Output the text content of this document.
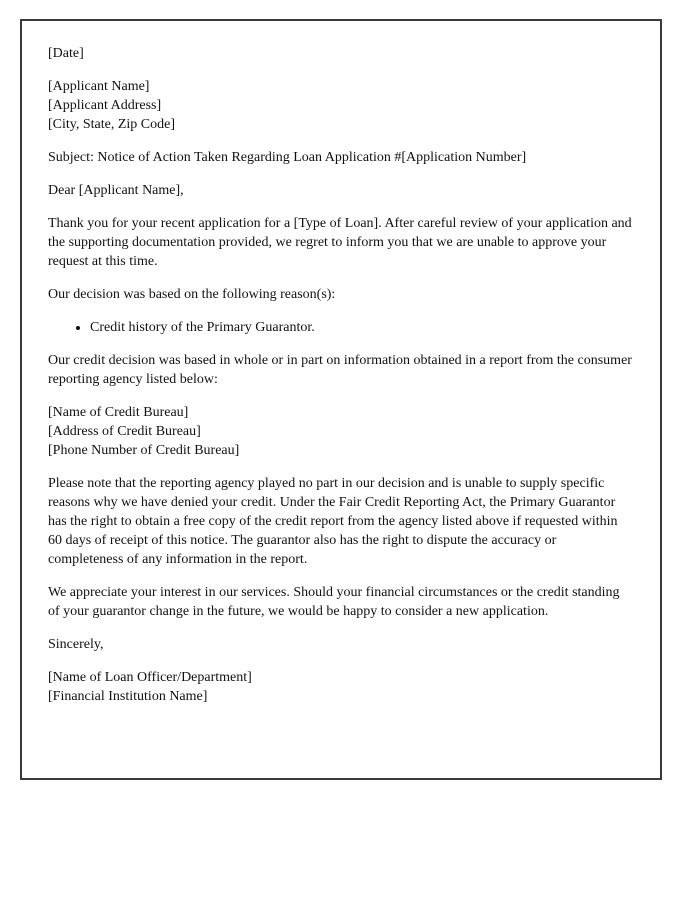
[Date]

[Applicant Name]
[Applicant Address]
[City, State, Zip Code]

Subject: Notice of Action Taken Regarding Loan Application #[Application Number]

Dear [Applicant Name],

Thank you for your recent application for a [Type of Loan]. After careful review of your application and the supporting documentation provided, we regret to inform you that we are unable to approve your request at this time.

Our decision was based on the following reason(s):

• Credit history of the Primary Guarantor.

Our credit decision was based in whole or in part on information obtained in a report from the consumer reporting agency listed below:

[Name of Credit Bureau]
[Address of Credit Bureau]
[Phone Number of Credit Bureau]

Please note that the reporting agency played no part in our decision and is unable to supply specific reasons why we have denied your credit. Under the Fair Credit Reporting Act, the Primary Guarantor has the right to obtain a free copy of the credit report from the agency listed above if requested within 60 days of receipt of this notice. The guarantor also has the right to dispute the accuracy or completeness of any information in the report.

We appreciate your interest in our services. Should your financial circumstances or the credit standing of your guarantor change in the future, we would be happy to consider a new application.

Sincerely,

[Name of Loan Officer/Department]
[Financial Institution Name]
